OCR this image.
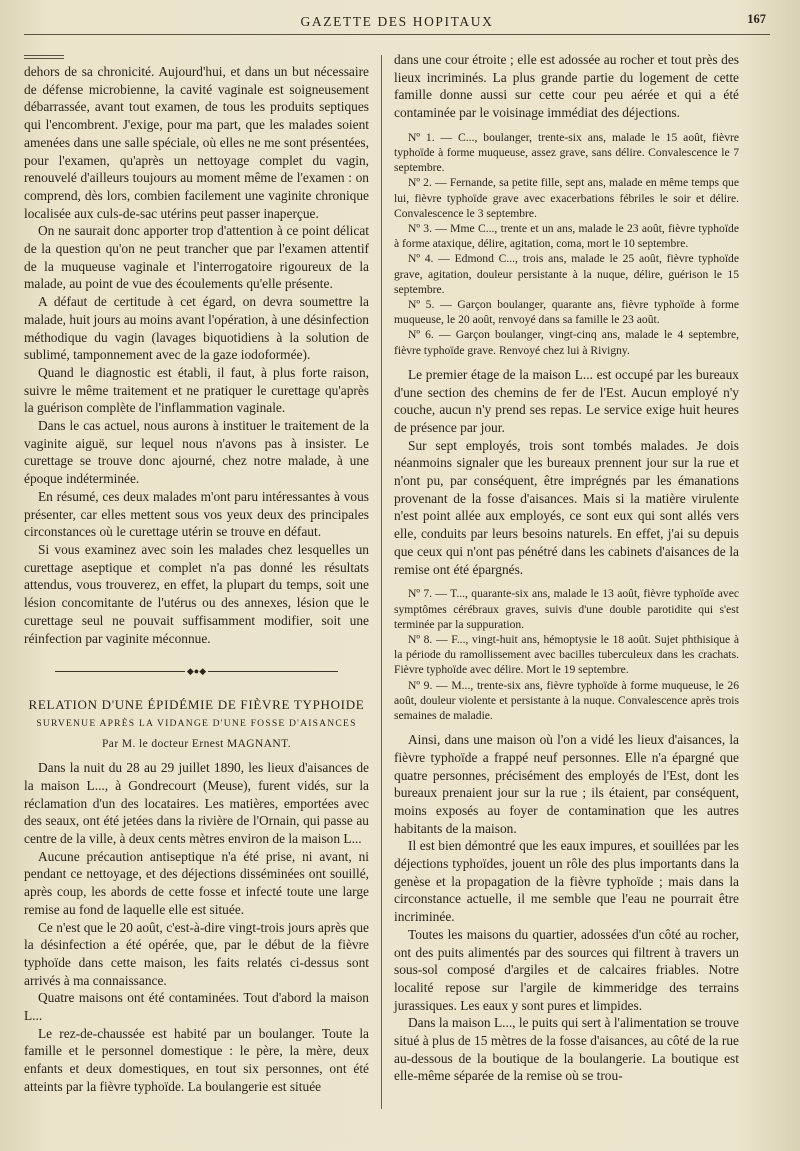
GAZETTE DES HOPITAUX	167

dehors de sa chronicité. Aujourd'hui, et dans un but nécessaire de défense microbienne, la cavité vaginale est soigneusement débarrassée, avant tout examen, de tous les produits septiques qui l'encombrent. J'exige, pour ma part, que les malades soient amenées dans une salle spéciale, où elles ne me sont présentées, pour l'examen, qu'après un nettoyage complet du vagin, renouvelé d'ailleurs toujours au moment même de l'examen : on comprend, dès lors, combien facilement une vaginite chronique localisée aux culs-de-sac utérins peut passer inaperçue.

On ne saurait donc apporter trop d'attention à ce point délicat de la question qu'on ne peut trancher que par l'examen attentif de la muqueuse vaginale et l'interrogatoire rigoureux de la malade, au point de vue des écoulements qu'elle présente.

A défaut de certitude à cet égard, on devra soumettre la malade, huit jours au moins avant l'opération, à une désinfection méthodique du vagin (lavages biquotidiens à la solution de sublimé, tamponnement avec de la gaze iodoformée).

Quand le diagnostic est établi, il faut, à plus forte raison, suivre le même traitement et ne pratiquer le curettage qu'après la guérison complète de l'inflammation vaginale.

Dans le cas actuel, nous aurons à instituer le traitement de la vaginite aiguë, sur lequel nous n'avons pas à insister. Le curettage se trouve donc ajourné, chez notre malade, à une époque indéterminée.

En résumé, ces deux malades m'ont paru intéressantes à vous présenter, car elles mettent sous vos yeux deux des principales circonstances où le curettage utérin se trouve en défaut.

Si vous examinez avec soin les malades chez lesquelles un curettage aseptique et complet n'a pas donné les résultats attendus, vous trouverez, en effet, la plupart du temps, soit une lésion concomitante de l'utérus ou des annexes, lésion que le curettage seul ne pouvait suffisamment modifier, soit une réinfection par vaginite méconnue.

◆●◆
RELATION D'UNE ÉPIDÉMIE DE FIÈVRE TYPHOIDE
SURVENUE APRÈS LA VIDANGE D'UNE FOSSE D'AISANCES
Par M. le docteur Ernest MAGNANT.

Dans la nuit du 28 au 29 juillet 1890, les lieux d'aisances de la maison L..., à Gondrecourt (Meuse), furent vidés, sur la réclamation d'un des locataires. Les matières, emportées avec des seaux, ont été jetées dans la rivière de l'Ornain, qui passe au centre de la ville, à deux cents mètres environ de la maison L...

Aucune précaution antiseptique n'a été prise, ni avant, ni pendant ce nettoyage, et des déjections disséminées ont souillé, après coup, les abords de cette fosse et infecté toute une large remise au fond de laquelle elle est située.

Ce n'est que le 20 août, c'est-à-dire vingt-trois jours après que la désinfection a été opérée, que, par le début de la fièvre typhoïde dans cette maison, les faits relatés ci-dessus sont arrivés à ma connaissance.

Quatre maisons ont été contaminées. Tout d'abord la maison L...

Le rez-de-chaussée est habité par un boulanger. Toute la famille et le personnel domestique : le père, la mère, deux enfants et deux domestiques, en tout six personnes, ont été atteints par la fièvre typhoïde. La boulangerie est située

dans une cour étroite ; elle est adossée au rocher et tout près des lieux incriminés. La plus grande partie du logement de cette famille donne aussi sur cette cour peu aérée et qui a été contaminée par le voisinage immédiat des déjections.

Nº 1. — C..., boulanger, trente-six ans, malade le 15 août, fièvre typhoïde à forme muqueuse, assez grave, sans délire. Convalescence le 7 septembre.

Nº 2. — Fernande, sa petite fille, sept ans, malade en même temps que lui, fièvre typhoïde grave avec exacerbations fébriles le soir et délire. Convalescence le 3 septembre.

Nº 3. — Mme C..., trente et un ans, malade le 23 août, fièvre typhoïde à forme ataxique, délire, agitation, coma, mort le 10 septembre.

Nº 4. — Edmond C..., trois ans, malade le 25 août, fièvre typhoïde grave, agitation, douleur persistante à la nuque, délire, guérison le 15 septembre.

Nº 5. — Garçon boulanger, quarante ans, fièvre typhoïde à forme muqueuse, le 20 août, renvoyé dans sa famille le 23 août.

Nº 6. — Garçon boulanger, vingt-cinq ans, malade le 4 septembre, fièvre typhoïde grave. Renvoyé chez lui à Rivigny.

Le premier étage de la maison L... est occupé par les bureaux d'une section des chemins de fer de l'Est. Aucun employé n'y couche, aucun n'y prend ses repas. Le service exige huit heures de présence par jour.

Sur sept employés, trois sont tombés malades. Je dois néanmoins signaler que les bureaux prennent jour sur la rue et n'ont pu, par conséquent, être imprégnés par les émanations provenant de la fosse d'aisances. Mais si la matière virulente n'est point allée aux employés, ce sont eux qui sont allés vers elle, conduits par leurs besoins naturels. En effet, j'ai su depuis que ceux qui n'ont pas pénétré dans les cabinets d'aisances de la remise ont été épargnés.

Nº 7. — T..., quarante-six ans, malade le 13 août, fièvre typhoïde avec symptômes cérébraux graves, suivis d'une double parotidite qui s'est terminée par la suppuration.

Nº 8. — F..., vingt-huit ans, hémoptysie le 18 août. Sujet phthisique à la période du ramollissement avec bacilles tuberculeux dans les crachats. Fièvre typhoïde avec délire. Mort le 19 septembre.

Nº 9. — M..., trente-six ans, fièvre typhoïde à forme muqueuse, le 26 août, douleur violente et persistante à la nuque. Convalescence après trois semaines de maladie.

Ainsi, dans une maison où l'on a vidé les lieux d'aisances, la fièvre typhoïde a frappé neuf personnes. Elle n'a épargné que quatre personnes, précisément des employés de l'Est, dont les bureaux prenaient jour sur la rue ; ils étaient, par conséquent, moins exposés au foyer de contamination que les autres habitants de la maison.

Il est bien démontré que les eaux impures, et souillées par les déjections typhoïdes, jouent un rôle des plus importants dans la genèse et la propagation de la fièvre typhoïde ; mais dans la circonstance actuelle, il me semble que l'eau ne pourrait être incriminée.

Toutes les maisons du quartier, adossées d'un côté au rocher, ont des puits alimentés par des sources qui filtrent à travers un sous-sol composé d'argiles et de calcaires friables. Notre localité repose sur l'argile de kimmeridge des terrains jurassiques. Les eaux y sont pures et limpides.

Dans la maison L..., le puits qui sert à l'alimentation se trouve situé à plus de 15 mètres de la fosse d'aisances, au côté de la rue au-dessous de la boutique de la boulangerie. La boutique est elle-même séparée de la remise où se trou-
